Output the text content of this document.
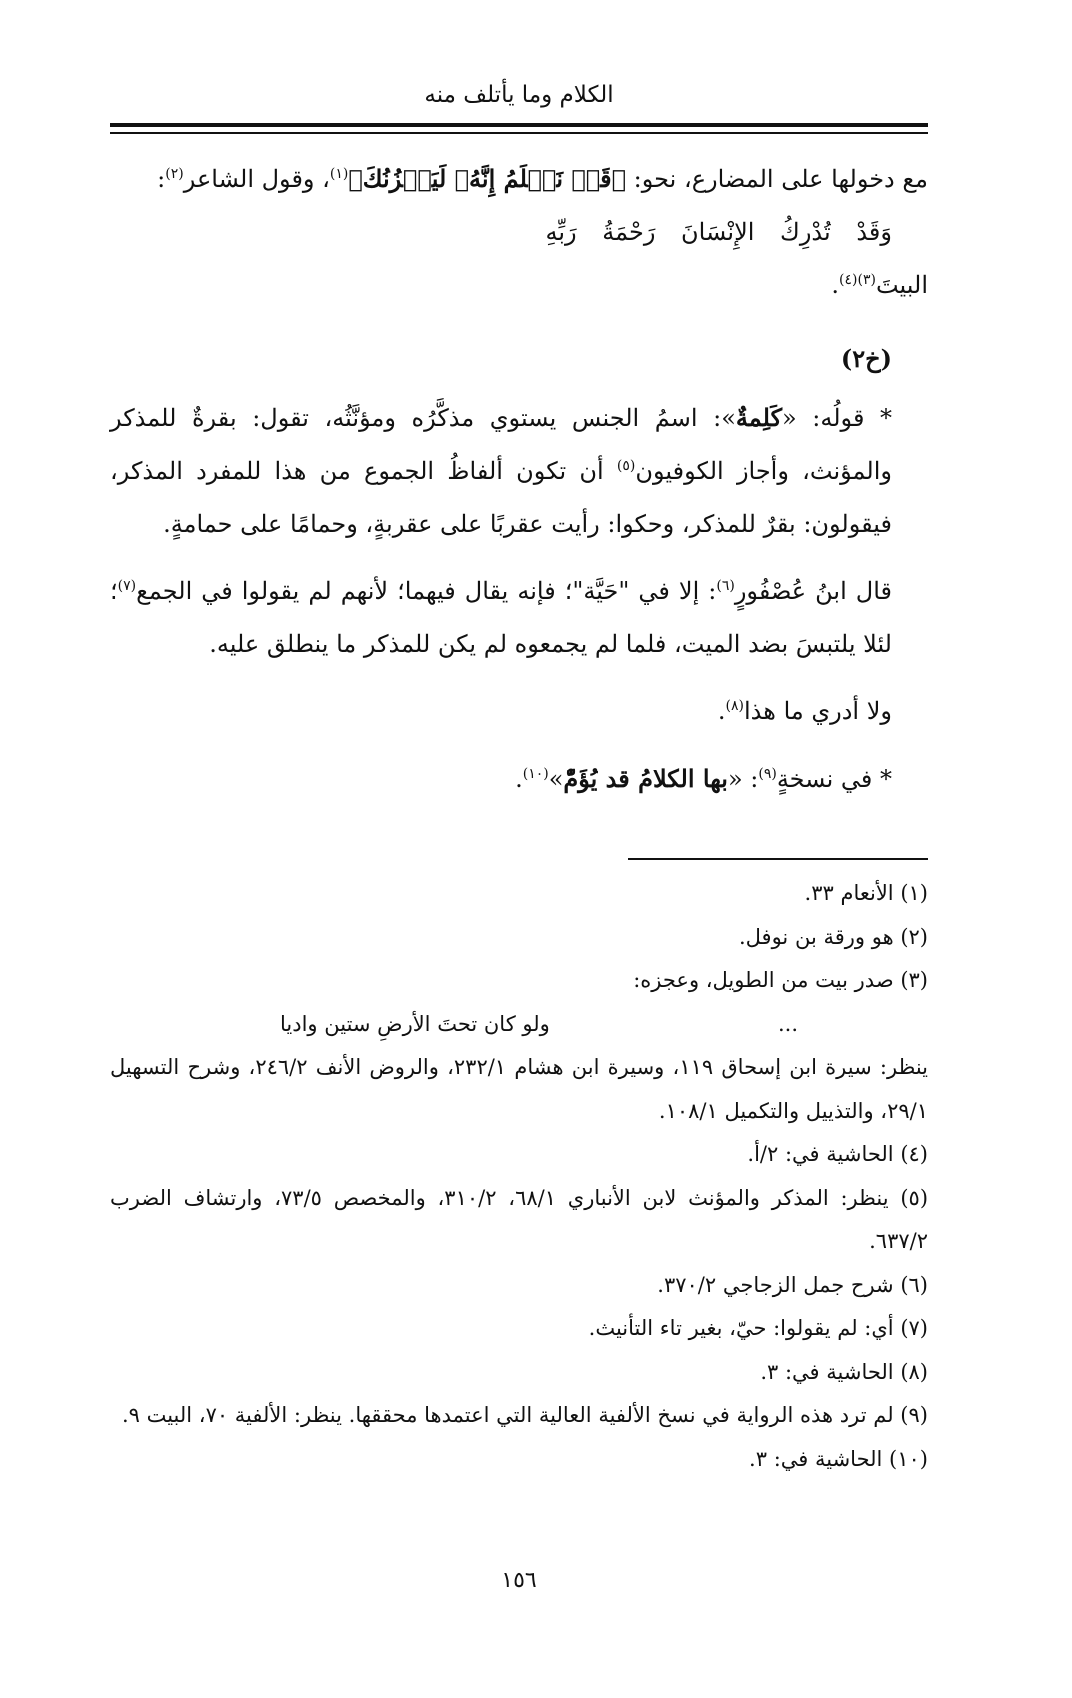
الكلام وما يأتلف منه

مع دخولها على المضارع، نحو: ﴿قَدۡ نَعۡلَمُ إِنَّهُۥ لَيَحۡزُنُكَ﴾$^{(١)}$، وقول الشاعر$^{(٢)}$:

وَقَدْ تُدْرِكُ الإِنْسَانَ رَحْمَةُ رَبِّهِ

البيتَ$^{(٣)(٤)}$.

(خ٢)

* قولُه: «كَلِمةٌ»: اسمُ الجنس يستوي مذكَّرُه ومؤنَّثُه، تقول: بقرةٌ للمذكر والمؤنث، وأجاز الكوفيون$^{(٥)}$ أن تكون ألفاظُ الجموع من هذا للمفرد المذكر، فيقولون: بقرٌ للمذكر، وحكوا: رأيت عقربًا على عقربةٍ، وحمامًا على حمامةٍ.

قال ابنُ عُصْفُورٍ$^{(٦)}$: إلا في "حَيَّة"؛ فإنه يقال فيهما؛ لأنهم لم يقولوا في الجمع$^{(٧)}$؛ لئلا يلتبسَ بضد الميت، فلما لم يجمعوه لم يكن للمذكر ما ينطلق عليه.

ولا أدري ما هذا$^{(٨)}$.

* في نسخةٍ$^{(٩)}$: «بها الكلامُ قد يُؤَمّْ»$^{(١٠)}$.

(١) الأنعام ٣٣.

(٢) هو ورقة بن نوفل.

(٣) صدر بيت من الطويل، وعجزه:

...
ولو كان تحتَ الأرضِ ستين واديا

ينظر: سيرة ابن إسحاق ١١٩، وسيرة ابن هشام ٢٣٢/١، والروض الأنف ٢٤٦/٢، وشرح التسهيل ٢٩/١، والتذييل والتكميل ١٠٨/١.

(٤) الحاشية في: ٢/أ.

(٥) ينظر: المذكر والمؤنث لابن الأنباري ٦٨/١، ٣١٠/٢، والمخصص ٧٣/٥، وارتشاف الضرب ٦٣٧/٢.

(٦) شرح جمل الزجاجي ٣٧٠/٢.

(٧) أي: لم يقولوا: حيّ، بغير تاء التأنيث.

(٨) الحاشية في: ٣.

(٩) لم ترد هذه الرواية في نسخ الألفية العالية التي اعتمدها محققها. ينظر: الألفية ٧٠، البيت ٩.

(١٠) الحاشية في: ٣.

١٥٦
